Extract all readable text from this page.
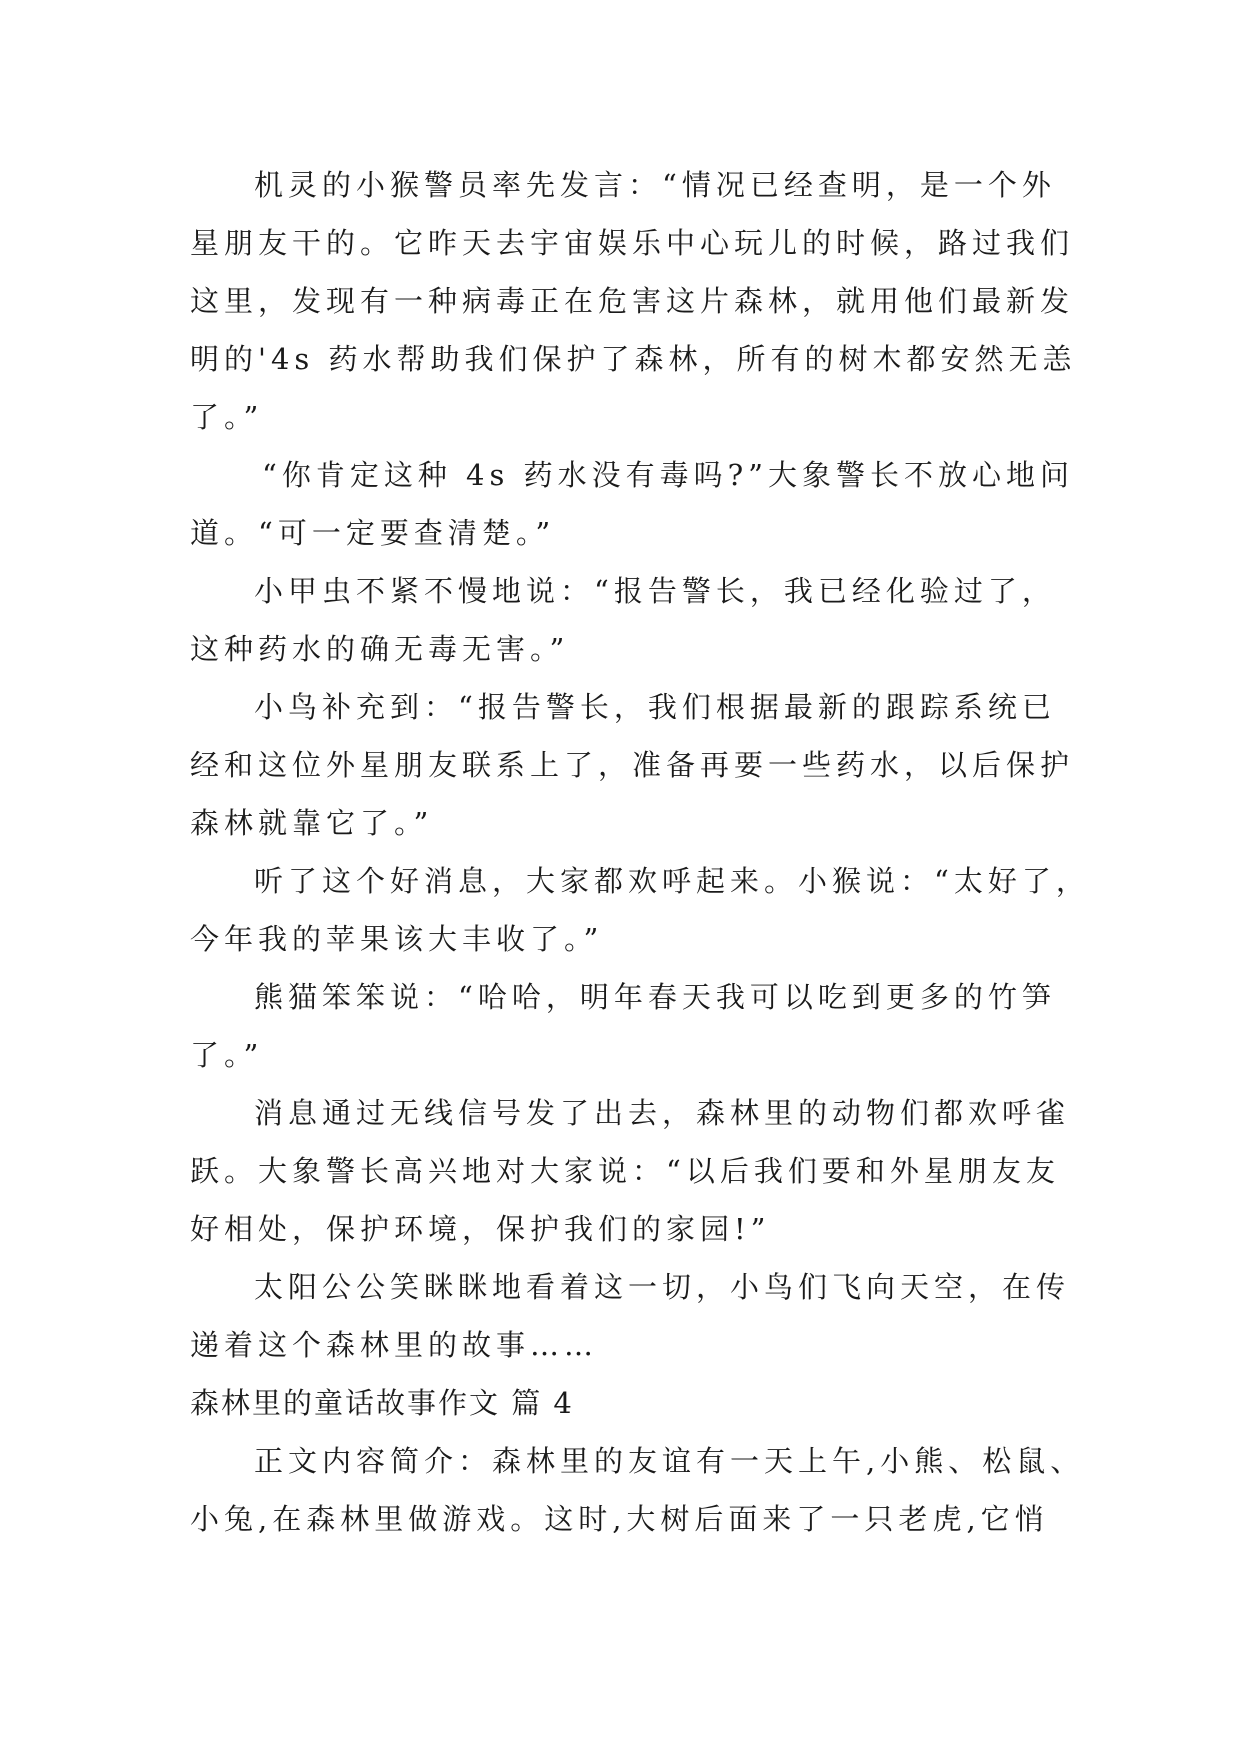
机灵的小猴警员率先发言：“情况已经查明，是一个外
星朋友干的。它昨天去宇宙娱乐中心玩儿的时候，路过我们
这里，发现有一种病毒正在危害这片森林，就用他们最新发
明的'4s 药水帮助我们保护了森林，所有的树木都安然无恙
了。”
“你肯定这种 4s 药水没有毒吗?”大象警长不放心地问
道。“可一定要查清楚。”
小甲虫不紧不慢地说：“报告警长，我已经化验过了，
这种药水的确无毒无害。”
小鸟补充到：“报告警长，我们根据最新的跟踪系统已
经和这位外星朋友联系上了，准备再要一些药水，以后保护
森林就靠它了。”
听了这个好消息，大家都欢呼起来。小猴说：“太好了，
今年我的苹果该大丰收了。”
熊猫笨笨说：“哈哈，明年春天我可以吃到更多的竹笋
了。”
消息通过无线信号发了出去，森林里的动物们都欢呼雀
跃。大象警长高兴地对大家说：“以后我们要和外星朋友友
好相处，保护环境，保护我们的家园!”
太阳公公笑眯眯地看着这一切，小鸟们飞向天空，在传
递着这个森林里的故事……
森林里的童话故事作文 篇 4
正文内容简介：森林里的友谊有一天上午,小熊、松鼠、
小兔,在森林里做游戏。这时,大树后面来了一只老虎,它悄
